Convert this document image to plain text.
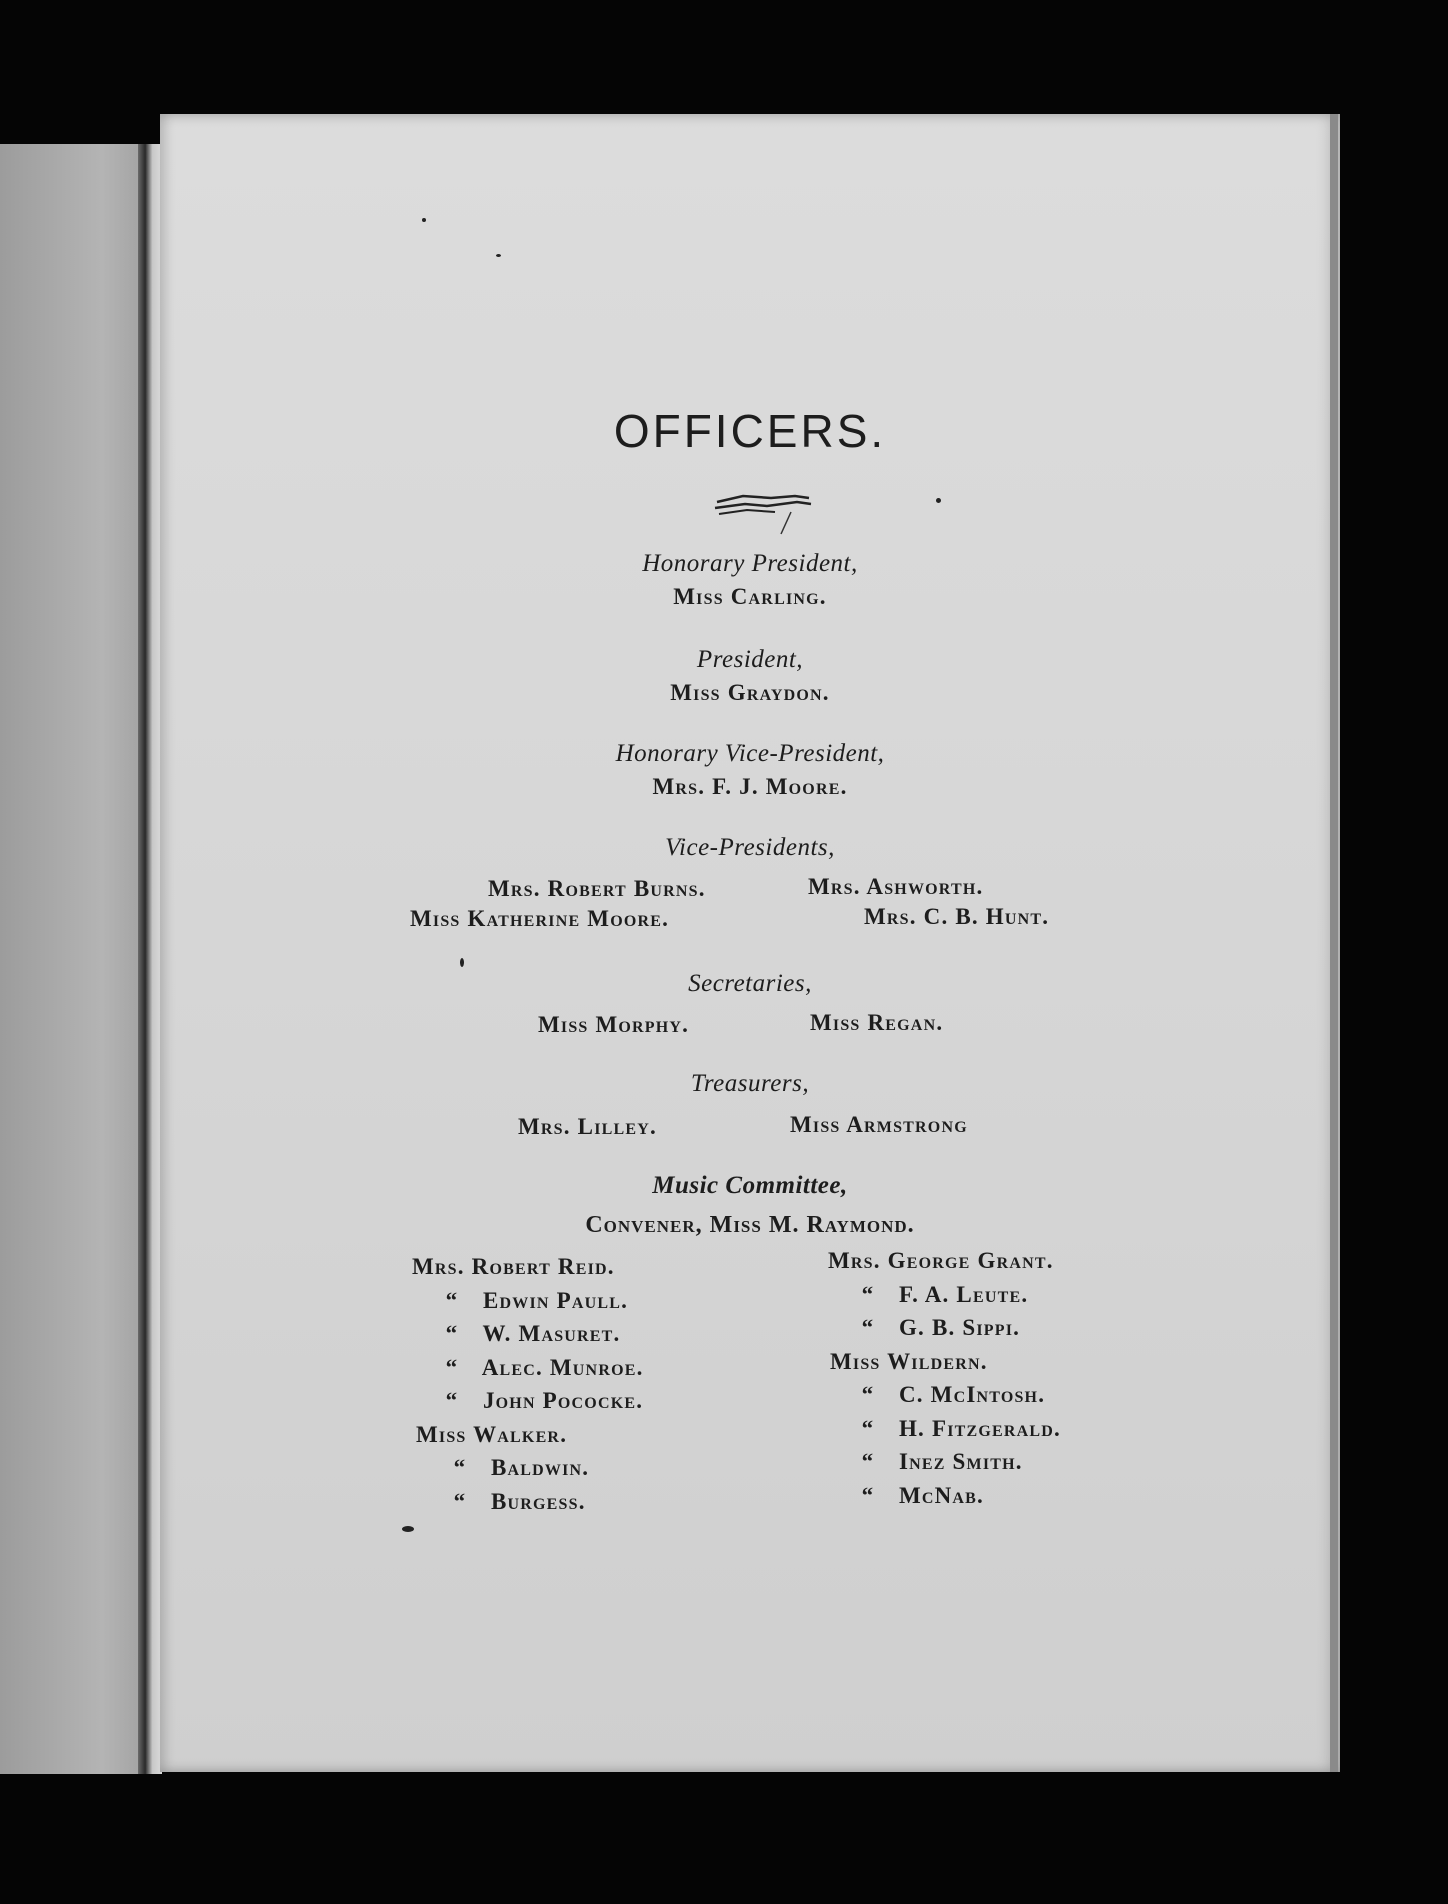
OFFICERS.
Honorary President,
Miss Carling.
President,
Miss Graydon.
Honorary Vice-President,
Mrs. F. J. Moore.
Vice-Presidents,
Mrs. Robert Burns.	Mrs. Ashworth.
Miss Katherine Moore.	Mrs. C. B. Hunt.
Secretaries,
Miss Morphy.	Miss Regan.
Treasurers,
Mrs. Lilley.	Miss Armstrong
Music Committee,
Convener, Miss M. Raymond.
Mrs. Robert Reid.
“ Edwin Paull.
“ W. Masuret.
“ Alec. Munroe.
“ John Pococke.
Miss Walker.
“ Baldwin.
“ Burgess.
Mrs. George Grant.
“ F. A. Leute.
“ G. B. Sippi.
Miss Wildern.
“ C. McIntosh.
“ H. Fitzgerald.
“ Inez Smith.
“ McNab.
